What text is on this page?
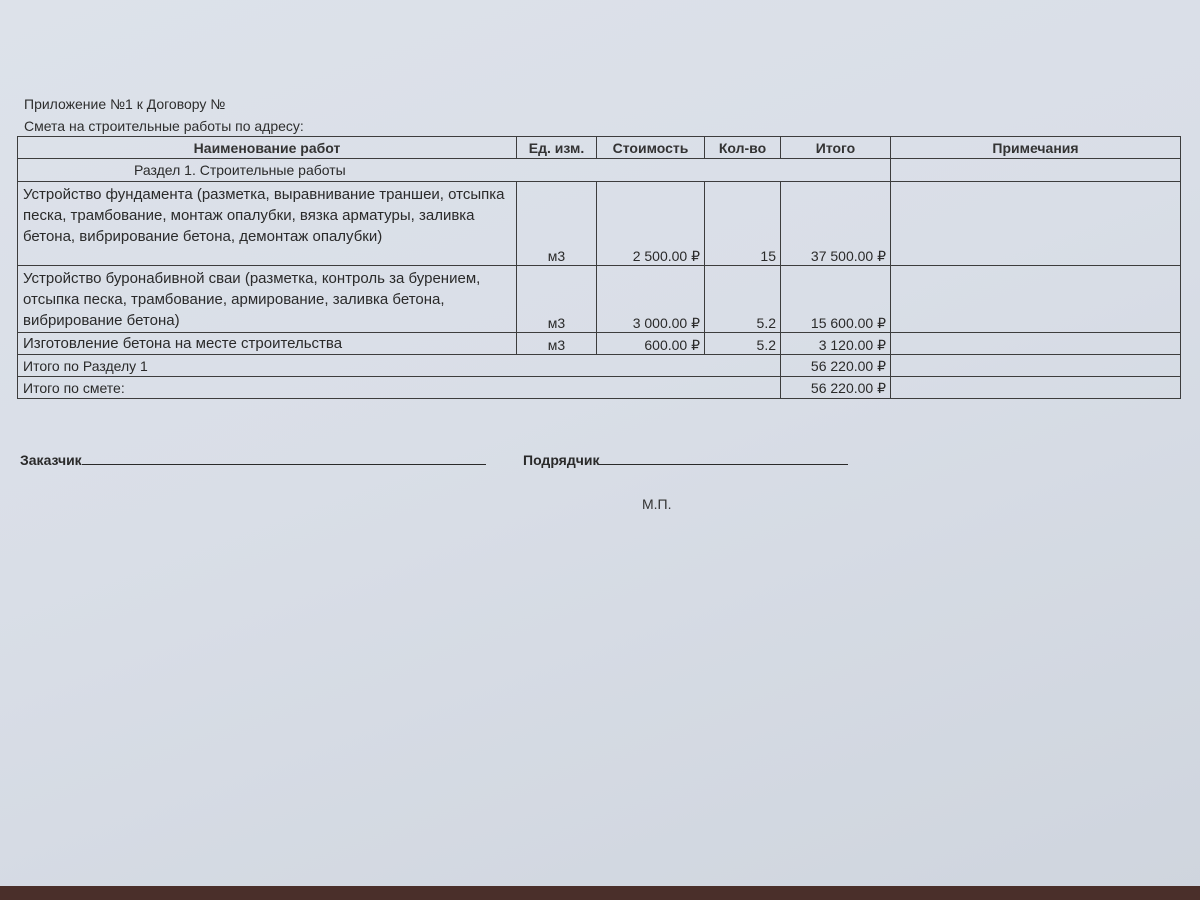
Приложение №1 к Договору №
Смета на строительные работы по адресу:
Наименование работ	Ед. изм.	Стоимость	Кол-во	Итого	Примечания
Раздел 1. Строительные работы					
Устройство фундамента (разметка, выравнивание траншеи, отсыпка песка, трамбование, монтаж опалубки, вязка арматуры, заливка бетона, вибрирование бетона, демонтаж опалубки)	м3	2 500.00 ₽	15	37 500.00 ₽	
Устройство буронабивной сваи (разметка, контроль за бурением, отсыпка песка, трамбование, армирование, заливка бетона, вибрирование бетона)	м3	3 000.00 ₽	5.2	15 600.00 ₽	
Изготовление бетона на месте строительства	м3	600.00 ₽	5.2	3 120.00 ₽	
Итого по Разделу 1				56 220.00 ₽	
Итого по смете:				56 220.00 ₽	
Заказчик	Подрядчик
М.П.
